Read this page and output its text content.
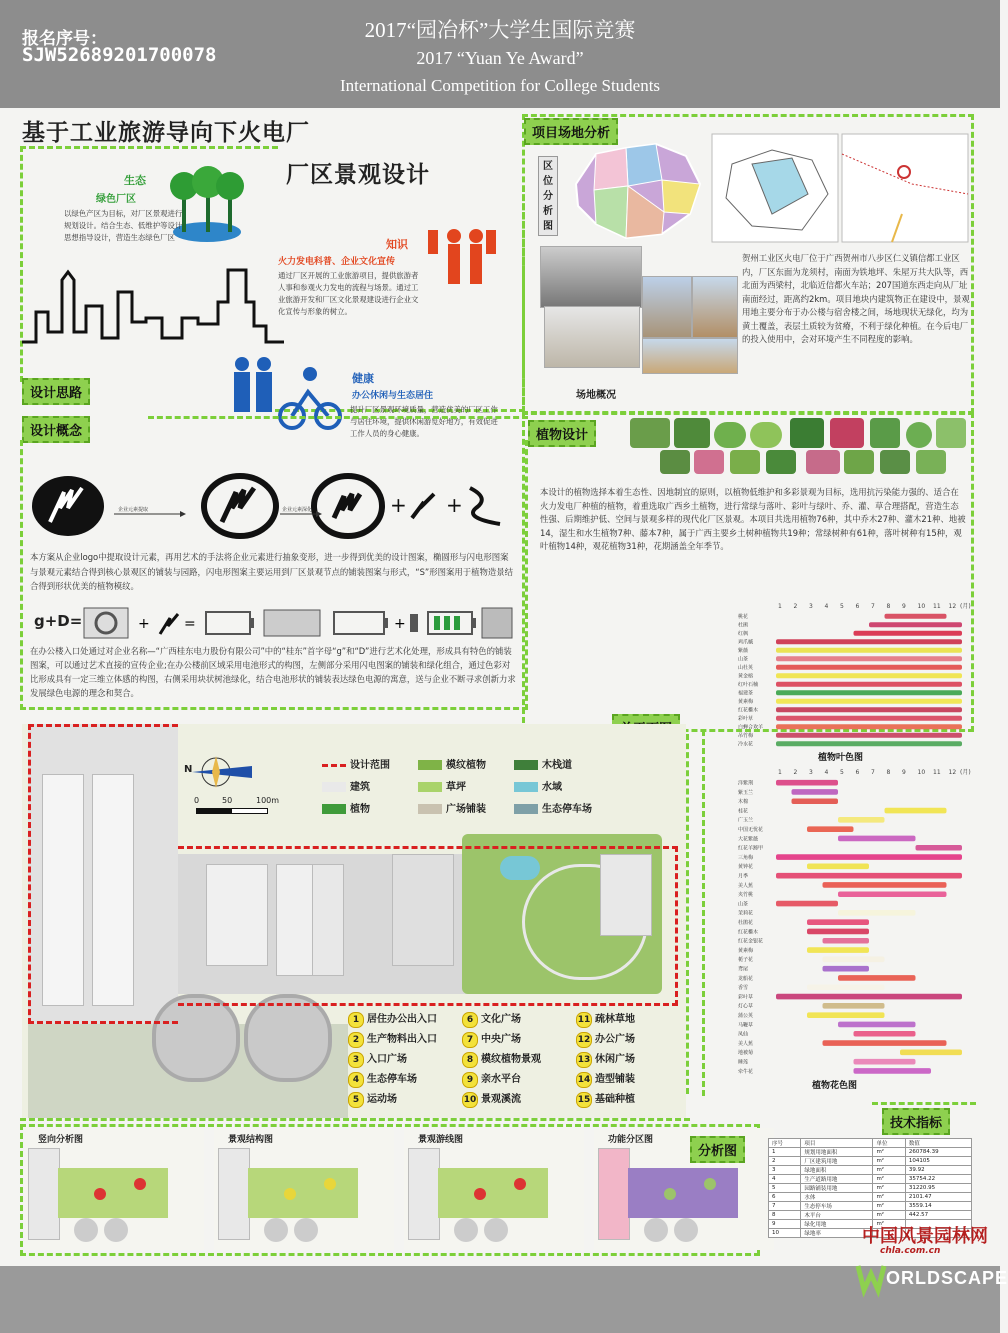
报名序号：
SJW52689201700078
2017“园冶杯”大学生国际竞赛
2017 “Yuan Ye Award”
International Competition for College Students
基于工业旅游导向下火电厂
厂区景观设计
生态
绿色厂区
以绿色产区为目标，对厂区景观进行规划设计。结合生态、低维护等设计思想指导设计，营造生态绿色厂区
知识
火力发电科普、企业文化宣传
通过厂区开展的工业旅游项目，提供旅游者人事和参观火力发电的流程与场景。通过工业旅游开发和厂区文化景观建设进行企业文化宣传与形象的树立。
健康
办公休闲与生态居住
提升厂区景观环境质量，营造优美的厂区工作与居住环境，提供休闲游览好地方，有效促进工作人员的身心健康。
设计思路
设计概念
+ +
企业元素提取	企业元素深化
本方案从企业logo中提取设计元素，再用艺术的手法将企业元素进行抽象变形，进一步得到优美的设计图案，椭圆形与闪电形图案与景观元素结合得到核心景观区的铺装与园路，闪电形图案主要运用到厂区景观节点的铺装图案与形式，“S”形图案用于植物造景结合得到形状优美的植物模纹。
g+D=	+ =	+
在办公楼入口处通过对企业名称—“广西桂东电力股份有限公司”中的“桂东”首字母“g”和“D”进行艺术化处理，形成具有特色的铺装图案，可以通过艺术直接的宣传企业;在办公楼前区域采用电池形式的构图，左侧部分采用闪电图案的铺装和绿化组合，通过色彩对比形成具有一定三维立体感的构图，右侧采用块状树池绿化，结合电池形状的铺装表达绿色电源的寓意，送与企业不断寻求创新力求发展绿色电源的理念和契合。
项目场地分析
区位分析图
场地概况
贺州工业区火电厂位于广西贺州市八步区仁义镇信都工业区内，厂区东面为龙须村，南面为铁地坪、朱屋万共大队等，西北面为西梁村，北临近信都火车站；207国道东西走向从厂址南面经过，距离约2km。项目地块内建筑物正在建设中，景观用地主要分布于办公楼与宿舍楼之间，场地现状无绿化，均为黄土覆盖，表层土质较为贫瘠，不利于绿化种植。在今后电厂的投入使用中，会对环境产生不同程度的影响。
植物设计
本设计的植物选择本着生态性、因地制宜的原则，以植物低维护和多彩景观为目标，选用抗污染能力强的、适合在火力发电厂种植的植物，着重选取广西乡土植物，进行常绿与落叶、彩叶与绿叶、乔、灌、草合理搭配，营造生态性强、后期维护低、空间与景观多样的现代化厂区景观。本项目共选用植物76种，其中乔木27种、灌木21种、地被14，湿生和水生植物7种、藤本7种，属于广西主要乡土树种植物共19种；常绿树种有61种，落叶树种有15种，观叶植物14种，观花植物31种，花期涵盖全年季节。
1 2 3 4 5 6 7 8 9 10 11 12 (月)
桃花
杜鹃
红枫
鸡爪槭
紫薇
山茶
山杜英
黄金榕
红叶石楠
福建茶
黄素梅
红花檵木
彩叶草
白蝉合欢羊
吊竹梅
冷水花
植物叶色图
1 2 3 4 5 6 7 8 9 10 11 12 (月)
洋紫荆
紫玉兰
木棉
桂花
广玉兰
中国无忧花
大花紫薇
红花羊蹄甲
三角梅
黄钟花
月季
美人蕉
夹竹桃
山茶
茉莉花
杜鹃花
红花檵木
红花金银花
黄素梅
栀子花
鸢尾
龙船花
香雪
彩叶草
灯心草
蒲公英
马鞭草
凤仙
美人蕉
地被菊
睡莲
牵牛花
植物花色图
N
0	50	100m
设计范围	模纹植物	木栈道
建筑	草坪	水域
植物	广场铺装	生态停车场
1 居住办公出入口
2 生产物料出入口
3 入口广场
4 生态停车场
5 运动场
6 文化广场
7 中央广场
8 模纹植物景观
9 亲水平台
10 景观溪流
11 疏林草地
12 办公广场
13 休闲广场
14 造型铺装
15 基础种植
竖向分析图	景观结构图	景观游线图	功能分区图
分析图
技术指标
序号	项目	单位	数值
1	规划用地面积	m²	260784.39
2	厂区建筑用地	m²	104105
3	绿地面积	m²	39.92
4	生产道路用地	m²	35754.22
5	园路铺装用地	m²	31220.95
6	水体	m²	2101.47
7	生态停车场	m²	3559.14
8	木平台	m²	442.57
9	绿化用地	m²	
10	绿地率		中国风景园林网
chla.com.cn
ORLDSCAPE
